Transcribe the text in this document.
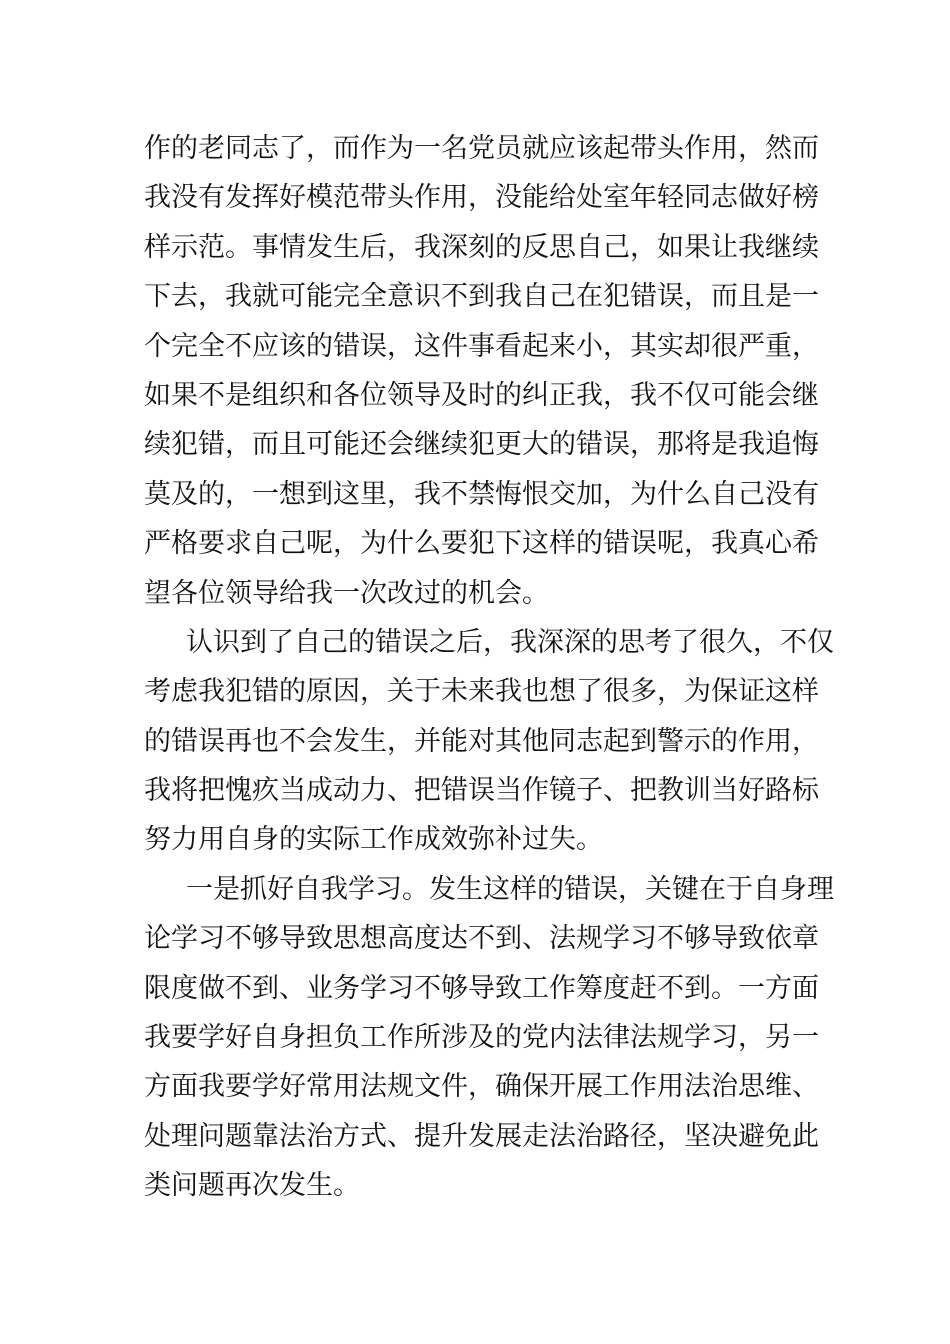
作的老同志了，而作为一名党员就应该起带头作用，然而

我没有发挥好模范带头作用，没能给处室年轻同志做好榜

样示范。事情发生后，我深刻的反思自己，如果让我继续

下去，我就可能完全意识不到我自己在犯错误，而且是一

个完全不应该的错误，这件事看起来小，其实却很严重，

如果不是组织和各位领导及时的纠正我，我不仅可能会继

续犯错，而且可能还会继续犯更大的错误，那将是我追悔

莫及的，一想到这里，我不禁悔恨交加，为什么自己没有

严格要求自己呢，为什么要犯下这样的错误呢，我真心希

望各位领导给我一次改过的机会。

认识到了自己的错误之后，我深深的思考了很久，不仅

考虑我犯错的原因，关于未来我也想了很多，为保证这样

的错误再也不会发生，并能对其他同志起到警示的作用，

我将把愧疚当成动力、把错误当作镜子、把教训当好路标

努力用自身的实际工作成效弥补过失。

一是抓好自我学习。发生这样的错误，关键在于自身理

论学习不够导致思想高度达不到、法规学习不够导致依章

限度做不到、业务学习不够导致工作筹度赶不到。一方面

我要学好自身担负工作所涉及的党内法律法规学习，另一

方面我要学好常用法规文件，确保开展工作用法治思维、

处理问题靠法治方式、提升发展走法治路径，坚决避免此

类问题再次发生。
